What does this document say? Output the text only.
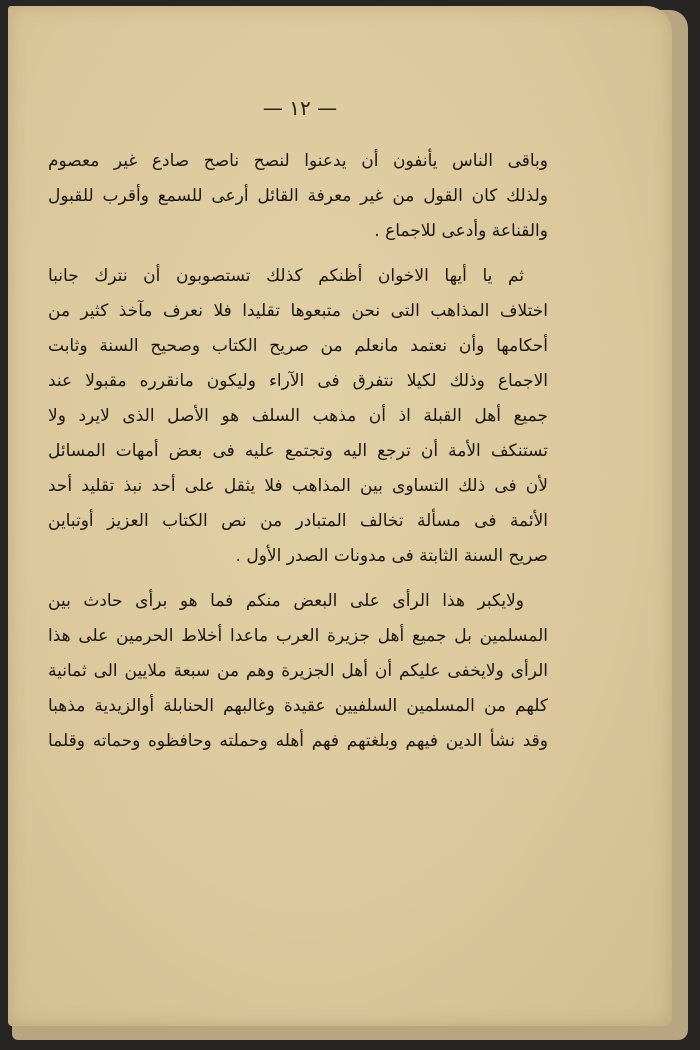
— ١٢ —

وباقى الناس يأنفون أن يدعنوا لنصح ناصح صادع غير معصوم
ولذلك كان القول من غير معرفة القائل أرعى للسمع وأقرب للقبول
والقناعة وأدعى للاجماع .

ثم يا أيها الاخوان أظنكم كذلك تستصوبون أن نترك جانبا
اختلاف المذاهب التى نحن متبعوها تقليدا فلا نعرف مآخذ كثير من
أحكامها وأن نعتمد مانعلم من صريح الكتاب وصحيح السنة وثابت
الاجماع وذلك لكيلا نتفرق فى الآراء وليكون مانقرره مقبولا عند
جميع أهل القبلة اذ أن مذهب السلف هو الأصل الذى لايرد ولا
تستنكف الأمة أن ترجع اليه وتجتمع عليه فى بعض أمهات المسائل
لأن فى ذلك التساوى بين المذاهب فلا يثقل على أحد نبذ تقليد أحد
الأئمة فى مسألة تخالف المتبادر من نص الكتاب العزيز أوتباين
صريح السنة الثابتة فى مدونات الصدر الأول .

ولايكبر هذا الرأى على البعض منكم فما هو برأى حادث بين
المسلمين بل جميع أهل جزيرة العرب ماعدا أخلاط الحرمين على هذا
الرأى ولايخفى عليكم أن أهل الجزيرة وهم من سبعة ملايين الى ثمانية
كلهم من المسلمين السلفيين عقيدة وغالبهم الحنابلة أوالزيدية مذهبا
وقد نشأ الدين فيهم وبلغتهم فهم أهله وحملته وحافظوه وحماته وقلما
